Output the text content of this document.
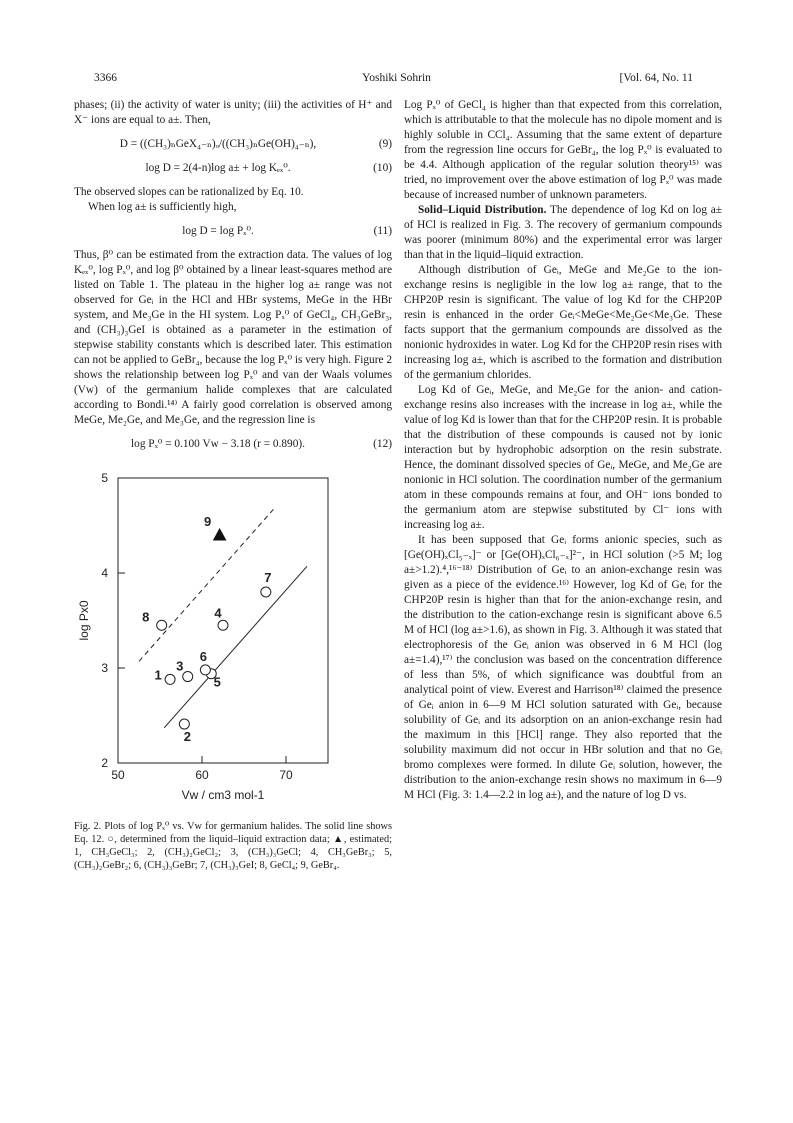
3366	Yoshiki Sohrin	[Vol. 64, No. 11

phases; (ii) the activity of water is unity; (iii) the activities of H⁺ and X⁻ ions are equal to a±. Then,

D = ((CH₃)ₙGeX₄₋ₙ)ₒ/((CH₃)ₙGe(OH)₄₋ₙ),	(9)
log D = 2(4-n)log a± + log Kₑₓ⁰.	(10)

The observed slopes can be rationalized by Eq. 10.

When log a± is sufficiently high,

log D = log Pₓ⁰.	(11)

Thus, β⁰ can be estimated from the extraction data. The values of log Kₑₓ⁰, log Pₓ⁰, and log β⁰ obtained by a linear least-squares method are listed on Table 1. The plateau in the higher log a± range was not observed for Geᵢ in the HCl and HBr systems, MeGe in the HBr system, and Me₃Ge in the HI system. Log Pₓ⁰ of GeCl₄, CH₃GeBr₃, and (CH₃)₃GeI is obtained as a parameter in the estimation of stepwise stability constants which is described later. This estimation can not be applied to GeBr₄, because the log Pₓ⁰ is very high. Figure 2 shows the relationship between log Pₓ⁰ and van der Waals volumes (Vw) of the germanium halide complexes that are calculated according to Bondi.¹⁴⁾ A fairly good correlation is observed among MeGe, Me₂Ge, and Me₃Ge, and the regression line is

log Pₓ⁰ = 0.100 Vw − 3.18 (r = 0.890).	(12)
50	60	70
2
3
4
5
1
2
3
4
5
6
7
8
9
Vw / cm3 mol-1
log Px0

Fig. 2. Plots of log Pₓ⁰ vs. Vw for germanium halides. The solid line shows Eq. 12. ○, determined from the liquid–liquid extraction data; ▲, estimated; 1, CH₃GeCl₃; 2, (CH₃)₂GeCl₂; 3, (CH₃)₃GeCl; 4, CH₃GeBr₃; 5, (CH₃)₂GeBr₂; 6, (CH₃)₃GeBr; 7, (CH₃)₃GeI; 8, GeCl₄; 9, GeBr₄.

Log Pₓ⁰ of GeCl₄ is higher than that expected from this correlation, which is attributable to that the molecule has no dipole moment and is highly soluble in CCl₄. Assuming that the same extent of departure from the regression line occurs for GeBr₄, the log Pₓ⁰ is evaluated to be 4.4. Although application of the regular solution theory¹⁵⁾ was tried, no improvement over the above estimation of log Pₓ⁰ was made because of increased number of unknown parameters.

Solid–Liquid Distribution. The dependence of log Kd on log a± of HCl is realized in Fig. 3. The recovery of germanium compounds was poorer (minimum 80%) and the experimental error was larger than that in the liquid–liquid extraction.

Although distribution of Geᵢ, MeGe and Me₂Ge to the ion-exchange resins is negligible in the low log a± range, that to the CHP20P resin is significant. The value of log Kd for the CHP20P resin is enhanced in the order Geᵢ<MeGe<Me₂Ge<Me₃Ge. These facts support that the germanium compounds are dissolved as the nonionic hydroxides in water. Log Kd for the CHP20P resin rises with increasing log a±, which is ascribed to the formation and distribution of the germanium chlorides.

Log Kd of Geᵢ, MeGe, and Me₂Ge for the anion- and cation-exchange resins also increases with the increase in log a±, while the value of log Kd is lower than that for the CHP20P resin. It is probable that the distribution of these compounds is caused not by ionic interaction but by hydrophobic adsorption on the resin substrate. Hence, the dominant dissolved species of Geᵢ, MeGe, and Me₂Ge are nonionic in HCl solution. The coordination number of the germanium atom in these compounds remains at four, and OH⁻ ions bonded to the germanium atom are stepwise substituted by Cl⁻ ions with increasing log a±.

It has been supposed that Geᵢ forms anionic species, such as [Ge(OH)ₓCl₅₋ₓ]⁻ or [Ge(OH)ₓCl₆₋ₓ]²⁻, in HCl solution (>5 M; log a±>1.2).⁴,¹⁶⁻¹⁸⁾ Distribution of Geᵢ to an anion-exchange resin was given as a piece of the evidence.¹⁶⁾ However, log Kd of Geᵢ for the CHP20P resin is higher than that for the anion-exchange resin, and the distribution to the cation-exchange resin is significant above 6.5 M of HCl (log a±>1.6), as shown in Fig. 3. Although it was stated that electrophoresis of the Geᵢ anion was observed in 6 M HCl (log a±=1.4),¹⁷⁾ the conclusion was based on the concentration difference of less than 5%, of which significance was doubtful from an analytical point of view. Everest and Harrison¹⁸⁾ claimed the presence of Geᵢ anion in 6—9 M HCl solution saturated with Geᵢ, because solubility of Geᵢ and its adsorption on an anion-exchange resin had the maximum in this [HCl] range. They also reported that the solubility maximum did not occur in HBr solution and that no Geᵢ bromo complexes were formed. In dilute Geᵢ solution, however, the distribution to the anion-exchange resin shows no maximum in 6—9 M HCl (Fig. 3: 1.4—2.2 in log a±), and the nature of log D vs.
